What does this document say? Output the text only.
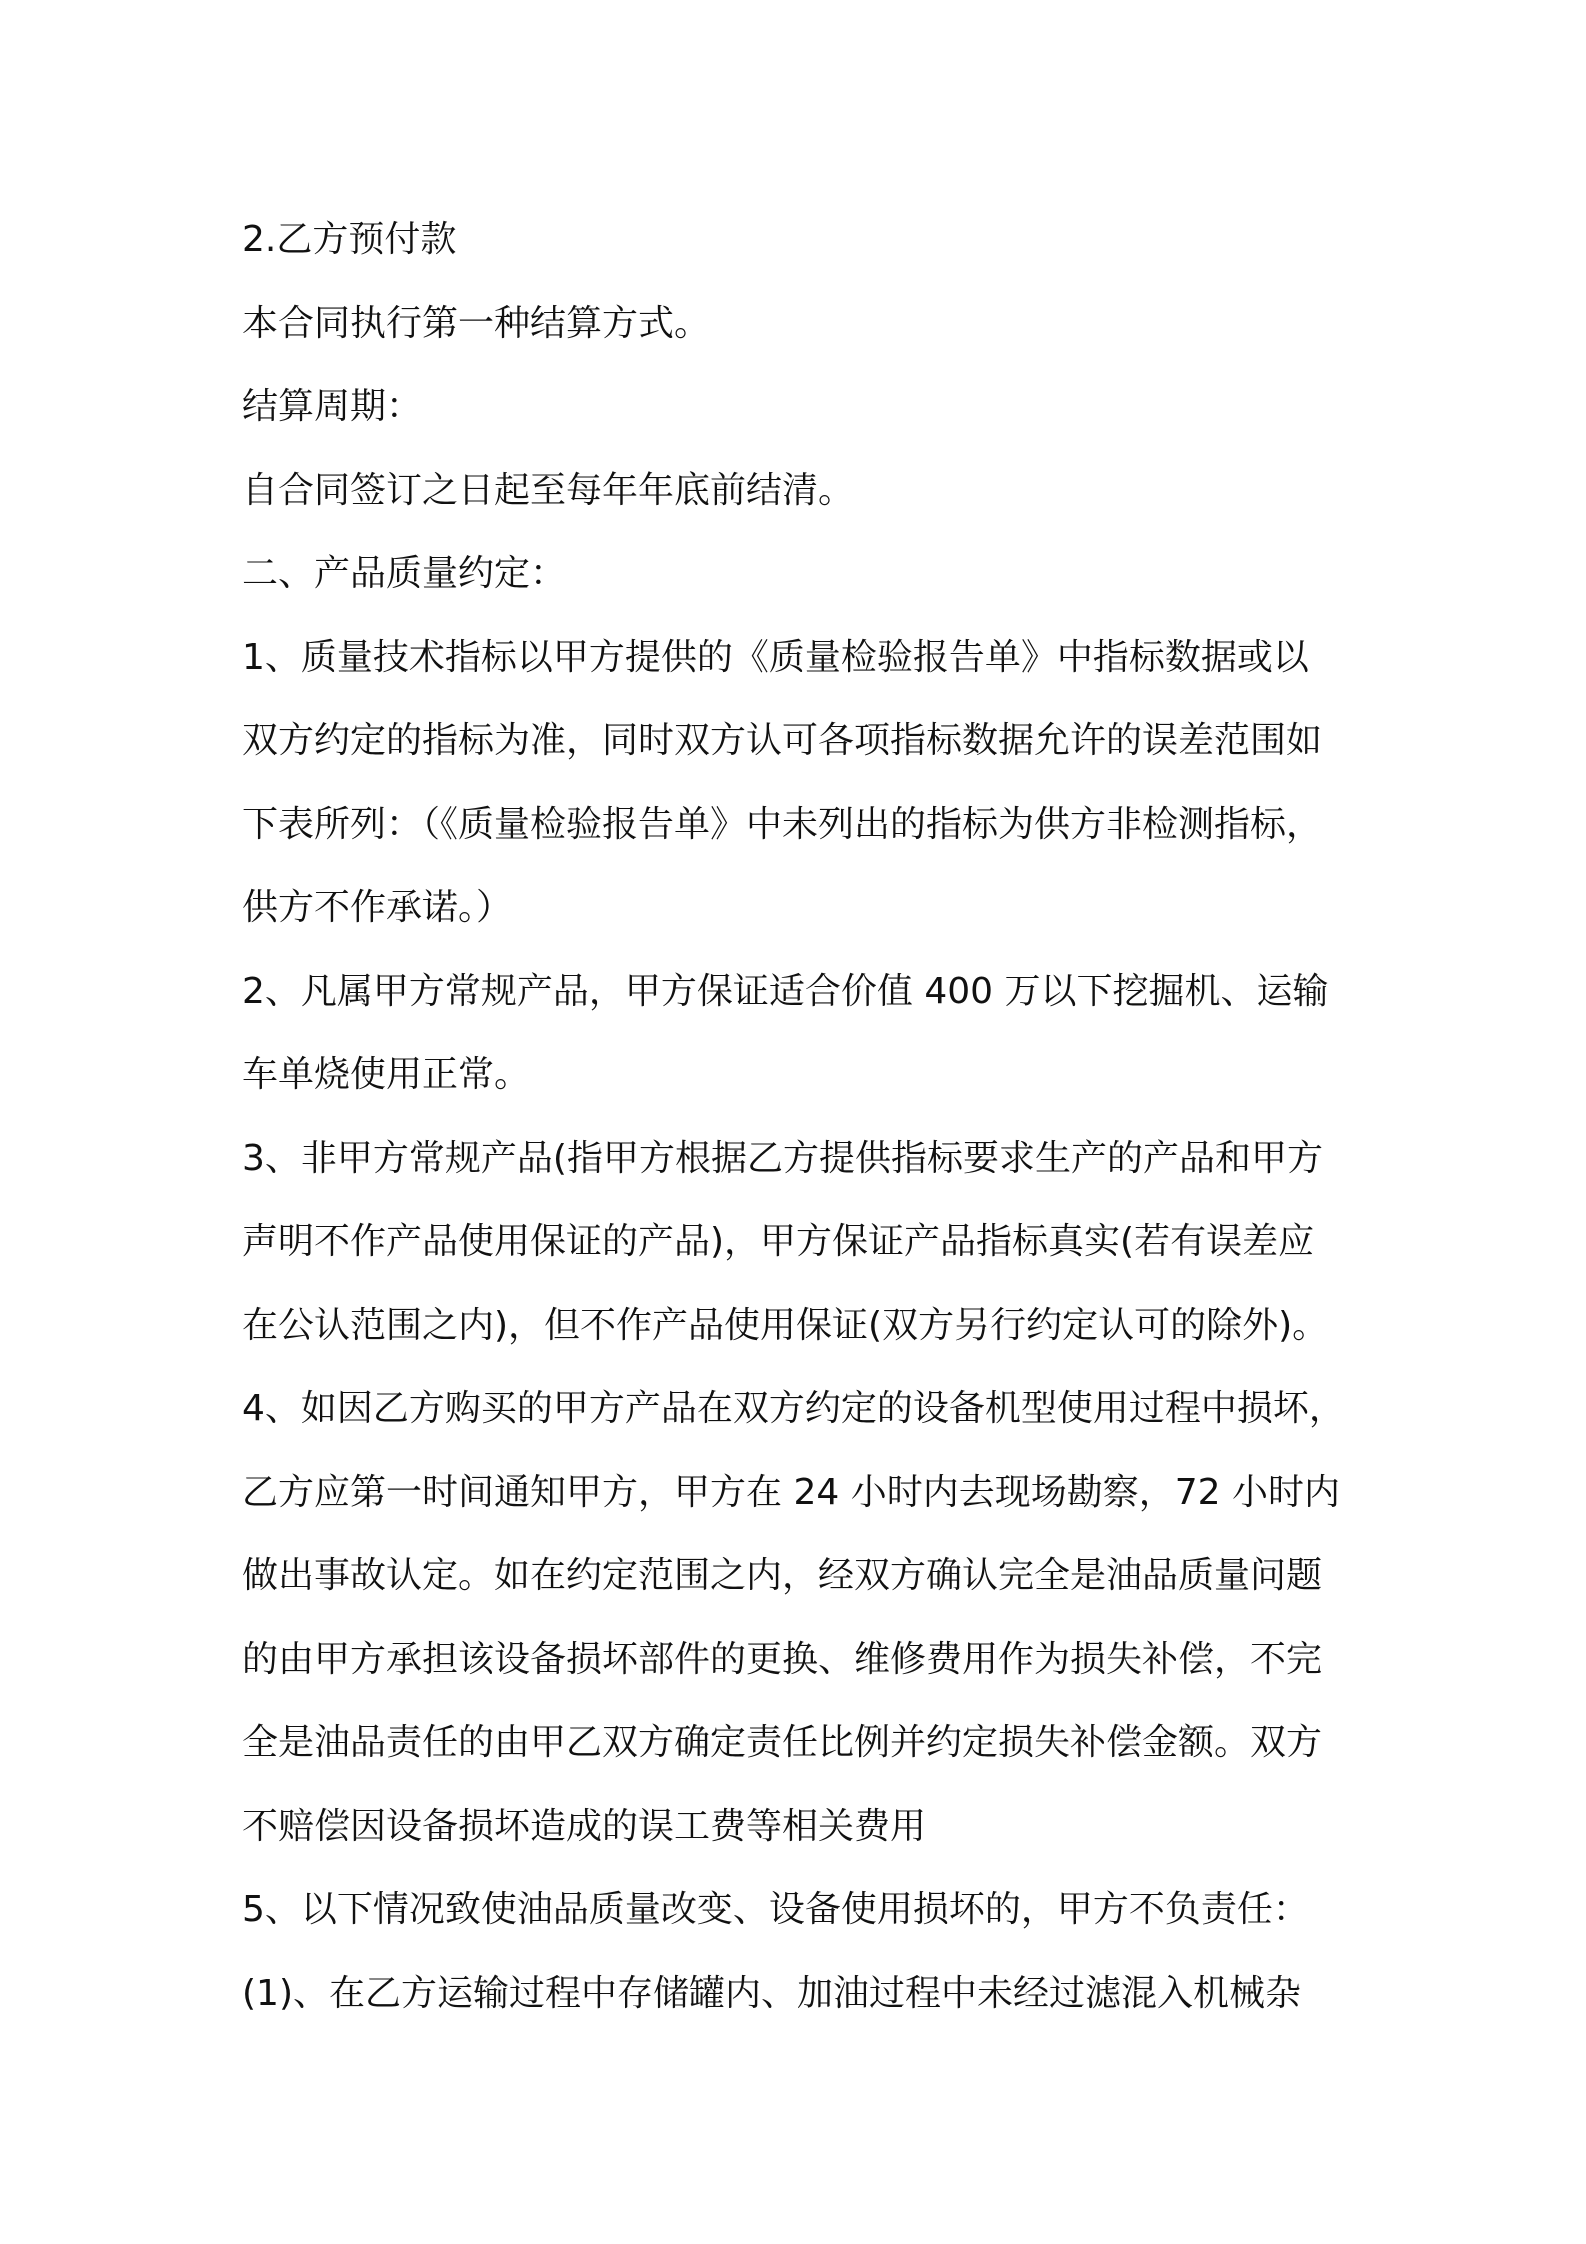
2.乙方预付款
本合同执行第一种结算方式。
结算周期：
自合同签订之日起至每年年底前结清。
二、产品质量约定：
1、质量技术指标以甲方提供的《质量检验报告单》中指标数据或以
双方约定的指标为准，同时双方认可各项指标数据允许的误差范围如
下表所列：（《质量检验报告单》中未列出的指标为供方非检测指标，
供方不作承诺。）
2、凡属甲方常规产品，甲方保证适合价值 400 万以下挖掘机、运输
车单烧使用正常。
3、非甲方常规产品(指甲方根据乙方提供指标要求生产的产品和甲方
声明不作产品使用保证的产品)，甲方保证产品指标真实(若有误差应
在公认范围之内)，但不作产品使用保证(双方另行约定认可的除外)。
4、如因乙方购买的甲方产品在双方约定的设备机型使用过程中损坏，
乙方应第一时间通知甲方，甲方在 24 小时内去现场勘察，72 小时内
做出事故认定。如在约定范围之内，经双方确认完全是油品质量问题
的由甲方承担该设备损坏部件的更换、维修费用作为损失补偿，不完
全是油品责任的由甲乙双方确定责任比例并约定损失补偿金额。双方
不赔偿因设备损坏造成的误工费等相关费用
5、以下情况致使油品质量改变、设备使用损坏的，甲方不负责任：
(1)、在乙方运输过程中存储罐内、加油过程中未经过滤混入机械杂
